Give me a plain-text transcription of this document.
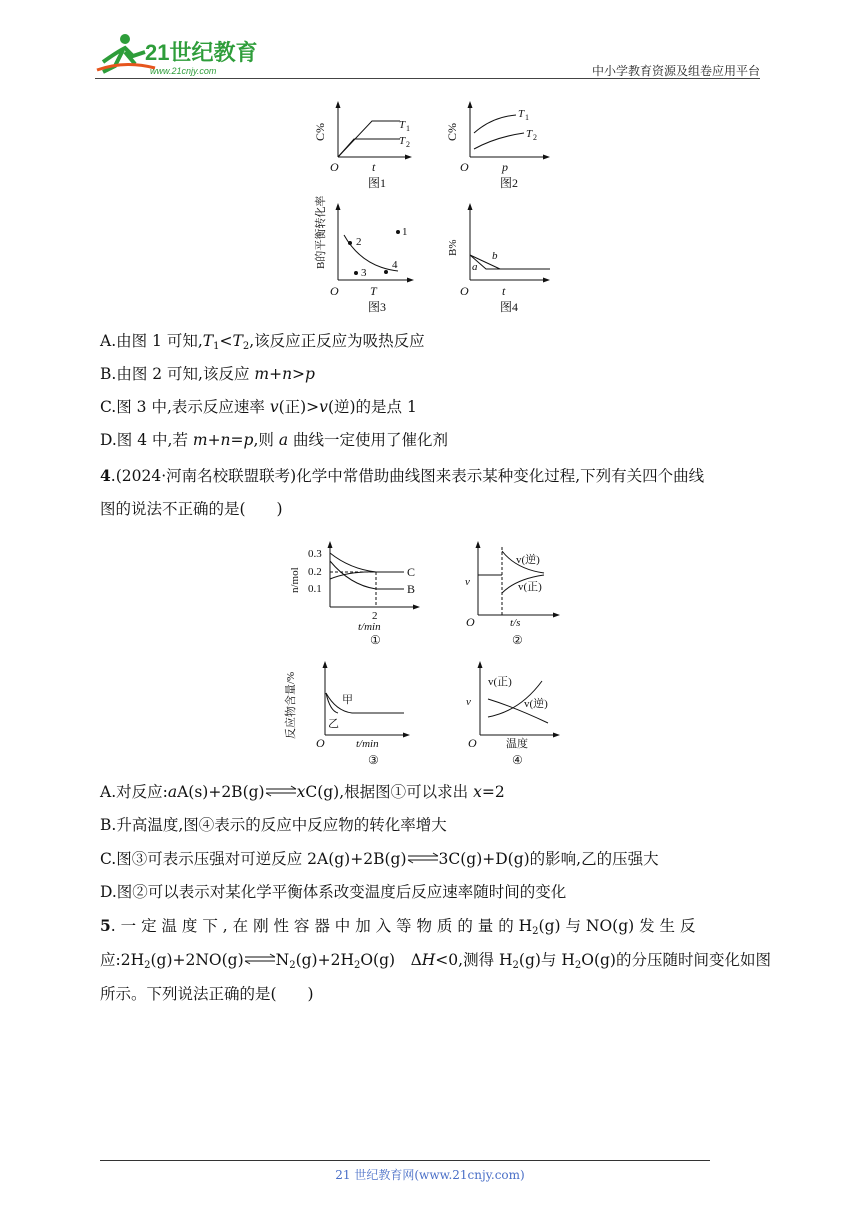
21世纪教育
www.21cnjy.com	中小学教育资源及组卷应用平台
C%
O	t
T 1
T 2
图1
C%
O	p
T 1
T 2
图2
2
1
3
4
B的平衡转化率
O	T
图3
B%
a
b
O	t
图4
A.由图 1 可知$,T_1<T_2$,该反应正反应为吸热反应
B.由图 2 可知,该反应 m+n>p
C.图 3 中,表示反应速率 v(正)>v(逆)的是点 1
D.图 4 中,若 m+n=p,则 a 曲线一定使用了催化剂
4.(2024·河南名校联盟联考)化学中常借助曲线图来表示某种变化过程,下列有关四个曲线
图的说法不正确的是(　　)
0.3
0.2
0.1
n/mol	C
B
2
t/min
①
v
v(逆)
v(正)
O	t/s
②
反应物含量/%	甲
乙
O	t/min
③
v
v(正)
v(逆)
O	温度
④
A.对反应:aA(s)+2B(g)⇌xC(g),根据图①可以求出 x=2
B.升高温度,图④表示的反应中反应物的转化率增大
C.图③可表示压强对可逆反应 2A(g)+2B(g)⇌3C(g)+D(g)的影响,乙的压强大
D.图②可以表示对某化学平衡体系改变温度后反应速率随时间的变化
5. 一 定 温 度 下 , 在 刚 性 容 器 中 加 入 等 物 质 的 量 的 $H_2(g)$ 与 NO(g) 发 生 反
应$:2H_2(g)+2NO(g)\rightleftharpoons N_2(g)+2H_2O(g)$　ΔH<0,测得 $H_2(g)$与 $H_2O(g)$的分压随时间变化如图
所示。下列说法正确的是(　　)
21 世纪教育网(www.21cnjy.com)
